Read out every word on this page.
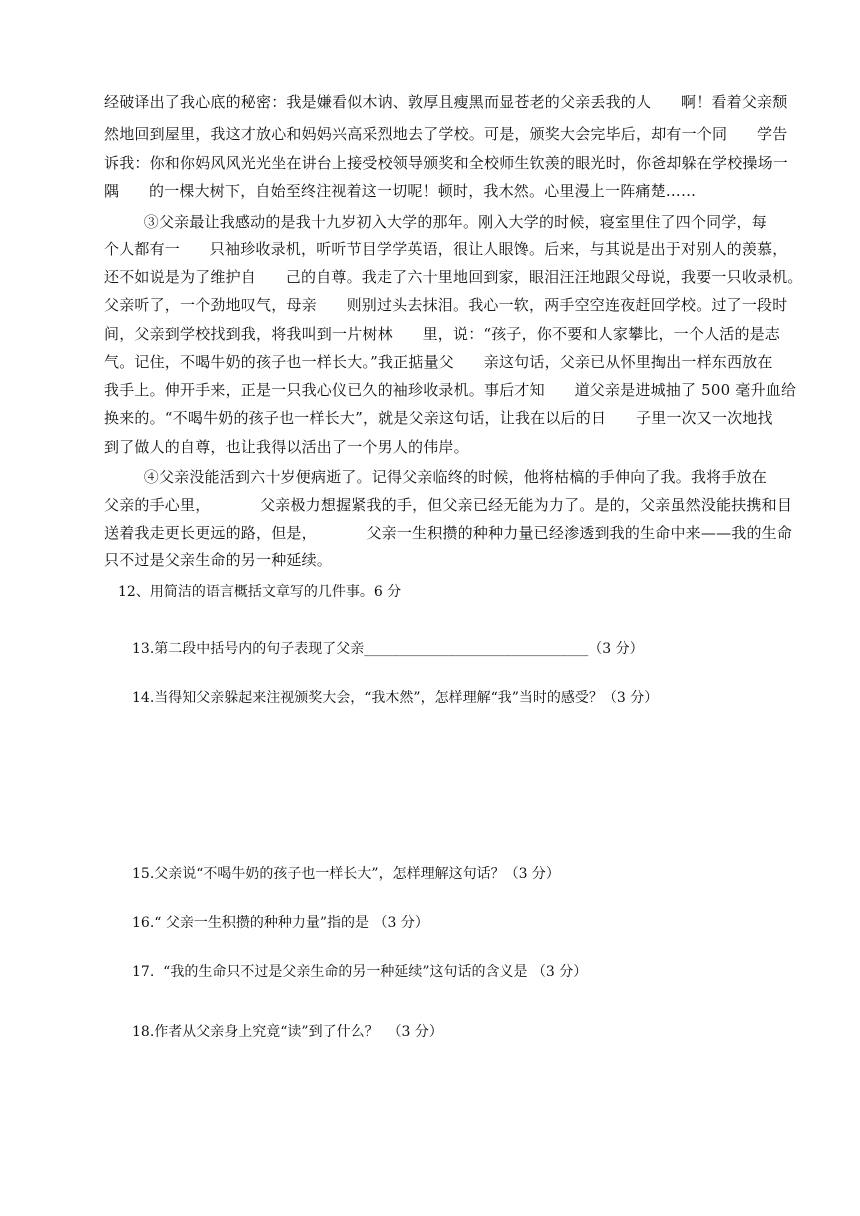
经破译出了我心底的秘密：我是嫌看似木讷、敦厚且瘦黑而显苍老的父亲丢我的人      啊！看着父亲颓
然地回到屋里，我这才放心和妈妈兴高采烈地去了学校。可是，颁奖大会完毕后，却有一个同      学告
诉我：你和你妈风风光光坐在讲台上接受校领导颁奖和全校师生钦羡的眼光时，你爸却躲在学校操场一
隅      的一棵大树下，自始至终注视着这一切呢！顿时，我木然。心里漫上一阵痛楚……
③父亲最让我感动的是我十九岁初入大学的那年。刚入大学的时候，寝室里住了四个同学，每
个人都有一      只袖珍收录机，听听节目学学英语，很让人眼馋。后来，与其说是出于对别人的羡慕，
还不如说是为了维护自      己的自尊。我走了六十里地回到家，眼泪汪汪地跟父母说，我要一只收录机。
父亲听了，一个劲地叹气，母亲      则别过头去抹泪。我心一软，两手空空连夜赶回学校。过了一段时
间，父亲到学校找到我，将我叫到一片树林      里，说：“孩子，你不要和人家攀比，一个人活的是志
气。记住，不喝牛奶的孩子也一样长大。”我正掂量父      亲这句话，父亲已从怀里掏出一样东西放在
我手上。伸开手来，正是一只我心仪已久的袖珍收录机。事后才知      道父亲是进城抽了 500 毫升血给
换来的。“不喝牛奶的孩子也一样长大”，就是父亲这句话，让我在以后的日      子里一次又一次地找
到了做人的自尊，也让我得以活出了一个男人的伟岸。
④父亲没能活到六十岁便病逝了。记得父亲临终的时候，他将枯槁的手伸向了我。我将手放在
父亲的手心里，          父亲极力想握紧我的手，但父亲已经无能为力了。是的，父亲虽然没能扶携和目
送着我走更长更远的路，但是，          父亲一生积攒的种种力量已经渗透到我的生命中来——我的生命
只不过是父亲生命的另一种延续。
12、用简洁的语言概括文章写的几件事。6 分
13.第二段中括号内的句子表现了父亲________________________________（3 分）
14.当得知父亲躲起来注视颁奖大会，“我木然”，怎样理解“我”当时的感受？（3 分）
15.父亲说“不喝牛奶的孩子也一样长大”，怎样理解这句话？（3 分）
16.“ 父亲一生积攒的种种力量”指的是 （3 分）
17.  “我的生命只不过是父亲生命的另一种延续”这句话的含义是 （3 分）
18.作者从父亲身上究竟“读”到了什么？  （3 分）
